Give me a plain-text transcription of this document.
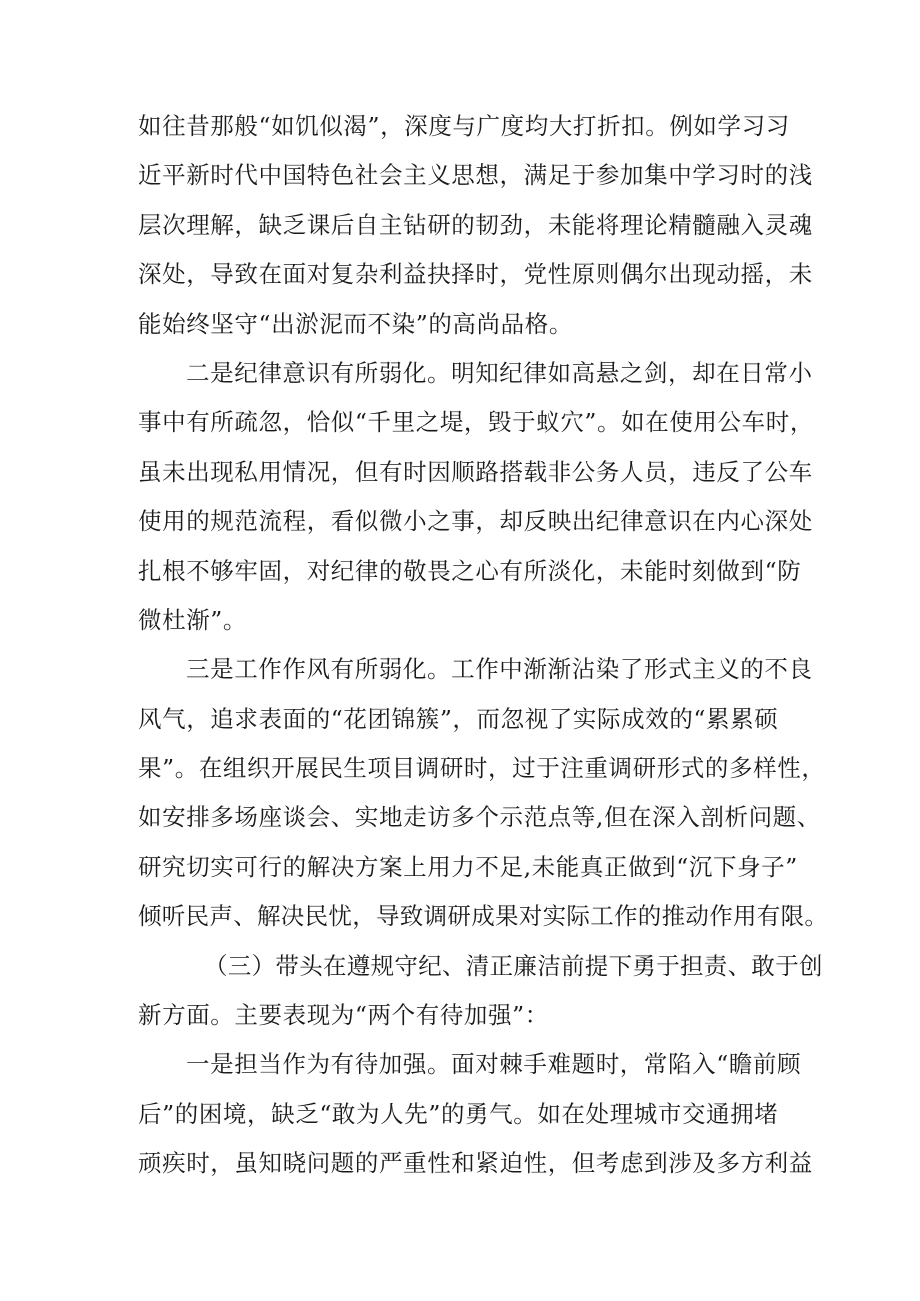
如往昔那般“如饥似渴”，深度与广度均大打折扣。例如学习习
近平新时代中国特色社会主义思想，满足于参加集中学习时的浅
层次理解，缺乏课后自主钻研的韧劲，未能将理论精髓融入灵魂
深处，导致在面对复杂利益抉择时，党性原则偶尔出现动摇，未
能始终坚守“出淤泥而不染”的高尚品格。
二是纪律意识有所弱化。明知纪律如高悬之剑，却在日常小
事中有所疏忽，恰似“千里之堤，毁于蚁穴”。如在使用公车时，
虽未出现私用情况，但有时因顺路搭载非公务人员，违反了公车
使用的规范流程，看似微小之事，却反映出纪律意识在内心深处
扎根不够牢固，对纪律的敬畏之心有所淡化，未能时刻做到“防
微杜渐”。
三是工作作风有所弱化。工作中渐渐沾染了形式主义的不良
风气，追求表面的“花团锦簇”，而忽视了实际成效的“累累硕
果”。在组织开展民生项目调研时，过于注重调研形式的多样性，
如安排多场座谈会、实地走访多个示范点等,但在深入剖析问题、
研究切实可行的解决方案上用力不足,未能真正做到“沉下身子”
倾听民声、解决民忧，导致调研成果对实际工作的推动作用有限。
（三）带头在遵规守纪、清正廉洁前提下勇于担责、敢于创
新方面。主要表现为“两个有待加强”：
一是担当作为有待加强。面对棘手难题时，常陷入“瞻前顾
后”的困境，缺乏“敢为人先”的勇气。如在处理城市交通拥堵
顽疾时，虽知晓问题的严重性和紧迫性，但考虑到涉及多方利益
